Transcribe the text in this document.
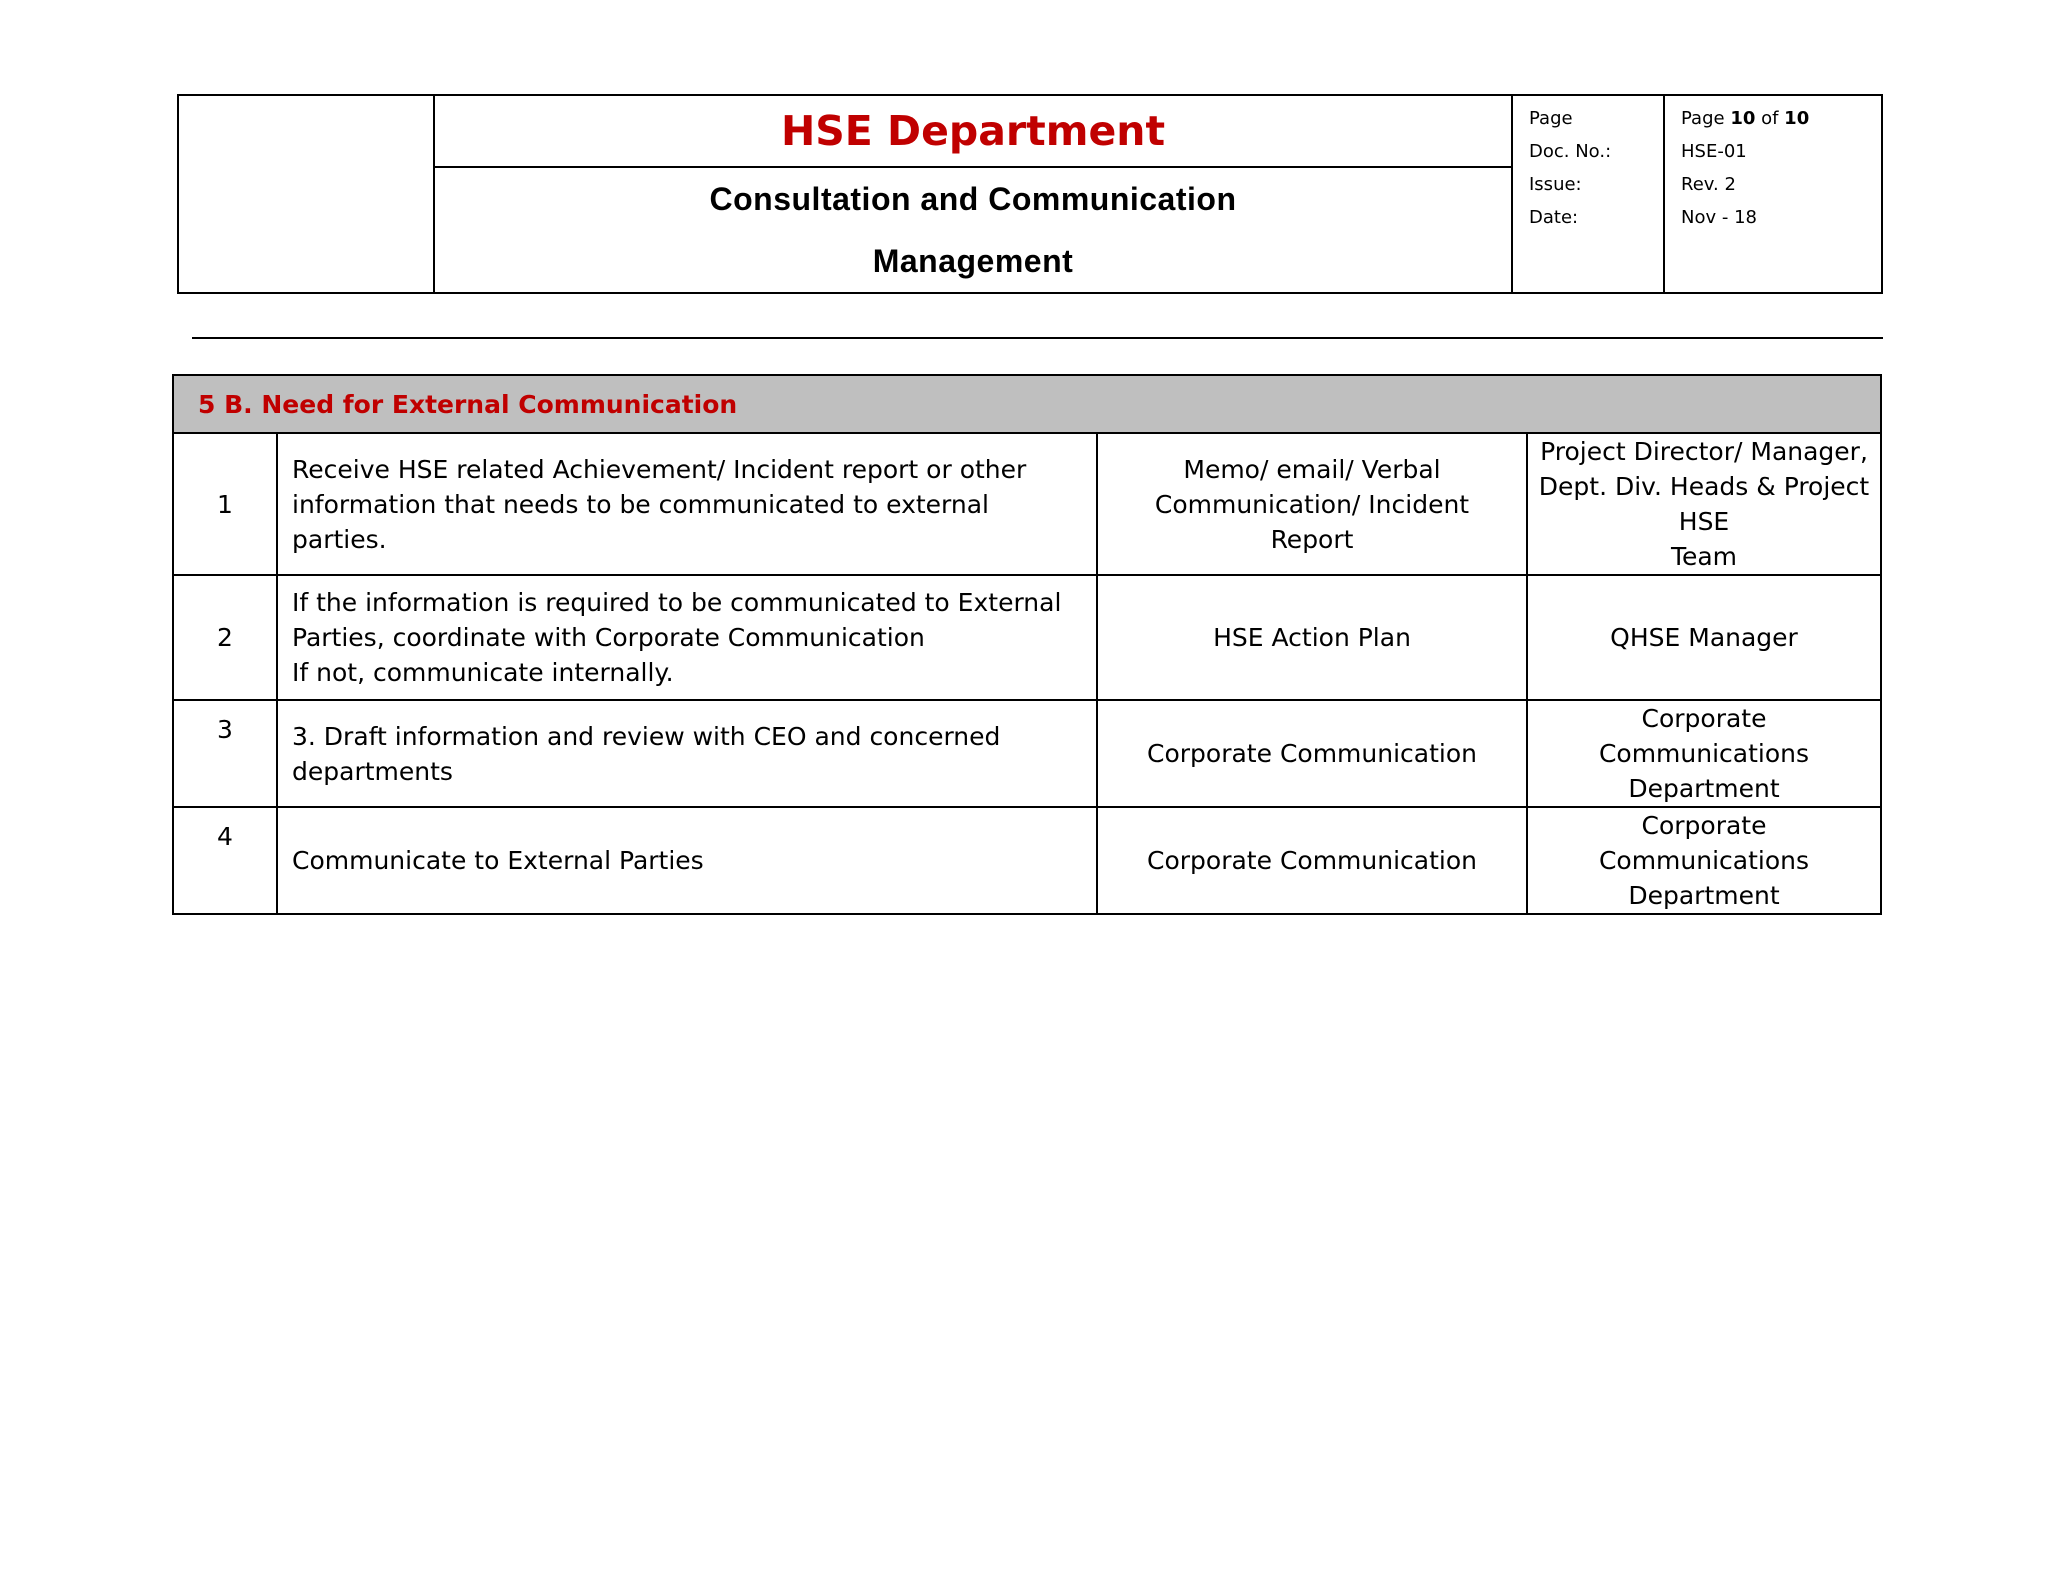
HSE Department
Consultation and Communication
Management
Page
Doc. No.:
Issue:
Date:
Page 10 of 10
HSE-01
Rev. 2
Nov - 18
5 B. Need for External Communication			
1	Receive HSE related Achievement/ Incident report or other
information that needs to be communicated to external parties.	Memo/ email/ Verbal
Communication/ Incident
Report	Project Director/ Manager,
Dept. Div. Heads & Project HSE
Team

2	If the information is required to be communicated to External
Parties, coordinate with Corporate Communication
If not, communicate internally.	HSE Action Plan	QHSE Manager

3	3. Draft information and review with CEO and concerned
departments	Corporate Communication	Corporate Communications
Department

4	Communicate to External Parties	Corporate Communication	Corporate Communications
Department
